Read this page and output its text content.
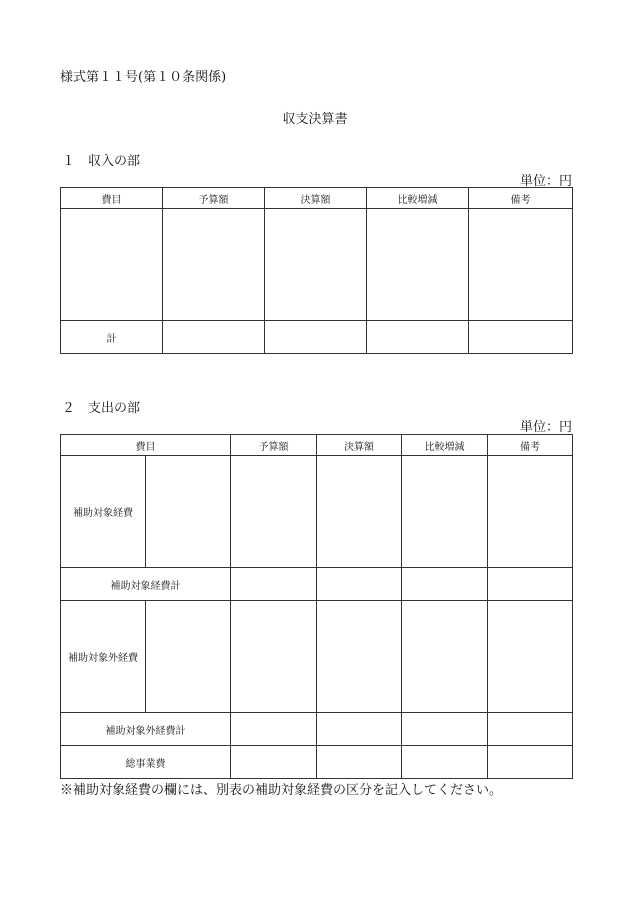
様式第１１号(第１０条関係)
収支決算書
１　収入の部
単位：円
費目	予算額	決算額	比較増減	備考

計				
２　支出の部
単位：円
費目		予算額	決算額	比較増減	備考
補助対象経費					
補助対象経費計					
補助対象外経費					
補助対象外経費計					
総事業費					
※補助対象経費の欄には、別表の補助対象経費の区分を記入してください。
